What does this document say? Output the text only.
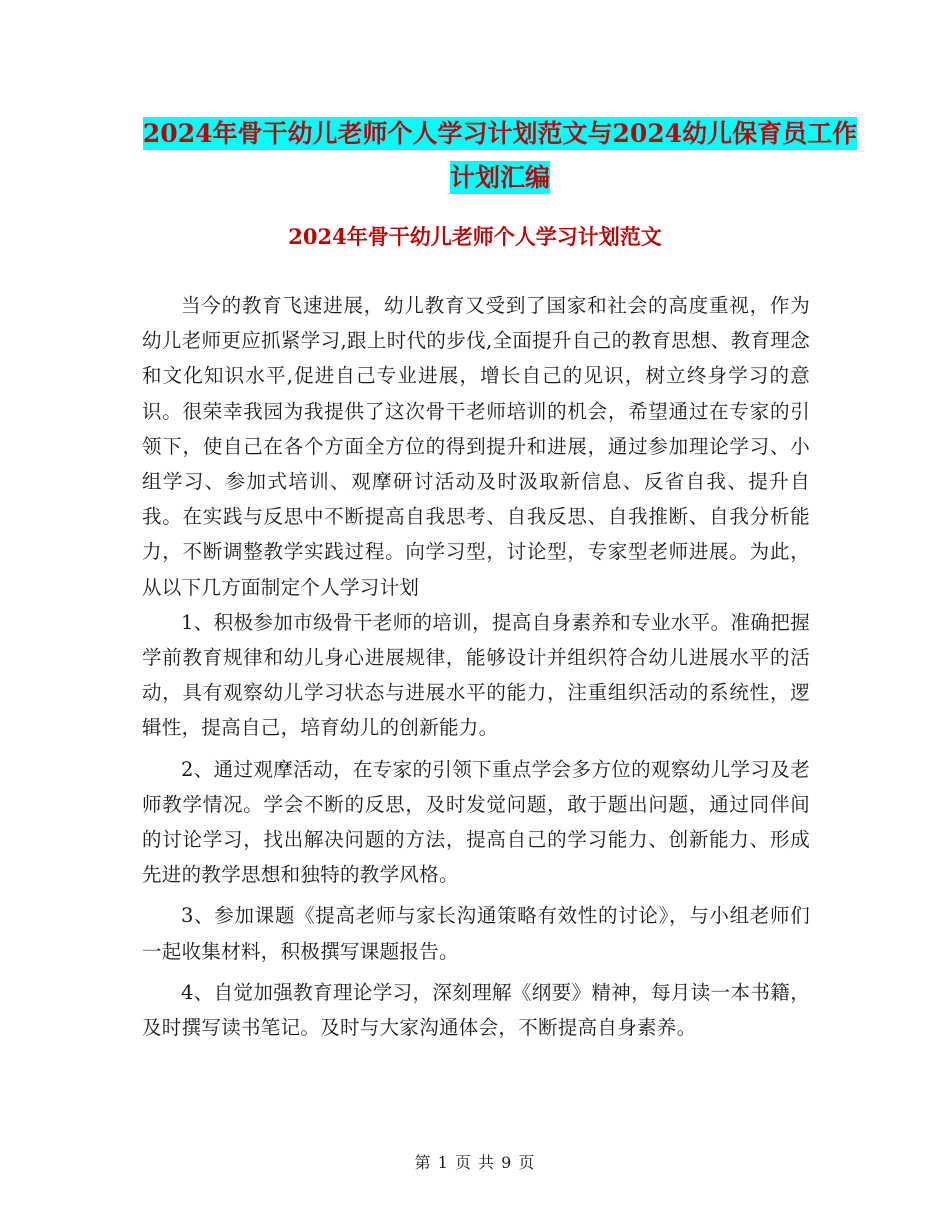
2024年骨干幼儿老师个人学习计划范文与2024幼儿保育员工作计划汇编
2024年骨干幼儿老师个人学习计划范文

当今的教育飞速进展，幼儿教育又受到了国家和社会的高度重视，作为幼儿老师更应抓紧学习,跟上时代的步伐,全面提升自己的教育思想、教育理念和文化知识水平,促进自己专业进展，增长自己的见识，树立终身学习的意识。很荣幸我园为我提供了这次骨干老师培训的机会，希望通过在专家的引领下，使自己在各个方面全方位的得到提升和进展，通过参加理论学习、小组学习、参加式培训、观摩研讨活动及时汲取新信息、反省自我、提升自我。在实践与反思中不断提高自我思考、自我反思、自我推断、自我分析能力，不断调整教学实践过程。向学习型，讨论型，专家型老师进展。为此，从以下几方面制定个人学习计划

1、积极参加市级骨干老师的培训，提高自身素养和专业水平。准确把握学前教育规律和幼儿身心进展规律，能够设计并组织符合幼儿进展水平的活动，具有观察幼儿学习状态与进展水平的能力，注重组织活动的系统性，逻辑性，提高自己，培育幼儿的创新能力。

2、通过观摩活动，在专家的引领下重点学会多方位的观察幼儿学习及老师教学情况。学会不断的反思，及时发觉问题，敢于题出问题，通过同伴间的讨论学习，找出解决问题的方法，提高自己的学习能力、创新能力、形成先进的教学思想和独特的教学风格。

3、参加课题《提高老师与家长沟通策略有效性的讨论》，与小组老师们一起收集材料，积极撰写课题报告。

4、自觉加强教育理论学习，深刻理解《纲要》精神，每月读一本书籍，及时撰写读书笔记。及时与大家沟通体会，不断提高自身素养。

第 1 页 共 9 页
